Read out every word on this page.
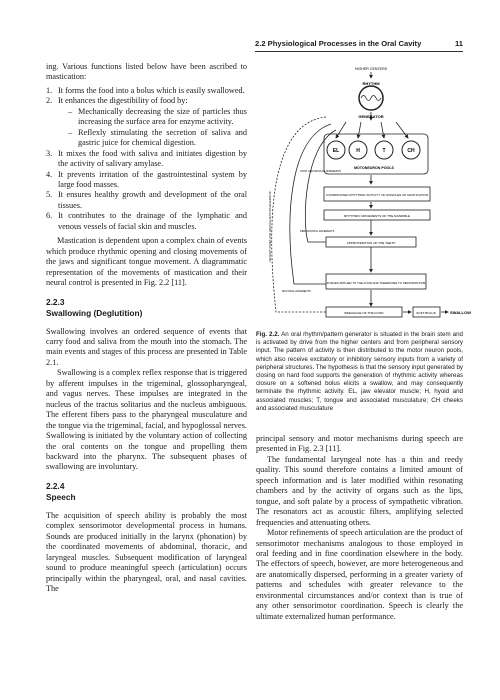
2.2 Physiological Processes in the Oral Cavity	11

ing. Various functions listed below have been ascribed to mastication:

1. It forms the food into a bolus which is easily swallowed.
2. It enhances the digestibility of food by:
– Mechanically decreasing the size of particles thus increasing the surface area for enzyme activity.
– Reflexly stimulating the secretion of saliva and gastric juice for chemical digestion.
3. It mixes the food with saliva and initiates digestion by the activity of salivary amylase.
4. It prevents irritation of the gastrointestinal system by large food masses.
5. It ensures healthy growth and development of the oral tissues.
6. It contributes to the drainage of the lymphatic and venous vessels of facial skin and muscles.

Mastication is dependent upon a complex chain of events which produce rhythmic opening and closing movements of the jaws and significant tongue movement. A diagrammatic representation of the movements of mastication and their neural control is presented in Fig. 2.2 [11].

2.2.3
Swallowing (Deglutition)

Swallowing involves an ordered sequence of events that carry food and saliva from the mouth into the stomach. The main events and stages of this process are presented in Table 2.1.

Swallowing is a complex reflex response that is triggered by afferent impulses in the trigeminal, glossopharyngeal, and vagus nerves. These impulses are integrated in the nucleus of the tractus solitarius and the nucleus ambiguous. The efferent fibers pass to the pharyngeal musculature and the tongue via the trigeminal, facial, and hypoglossal nerves. Swallowing is initiated by the voluntary action of collecting the oral contents on the tongue and propelling them backward into the pharynx. The subsequent phases of swallowing are involuntary.

2.2.4
Speech

The acquisition of speech ability is probably the most complex sensorimotor developmental process in humans. Sounds are produced initially in the larynx (phonation) by the coordinated movements of abdominal, thoracic, and laryngeal muscles. Subsequent modification of laryngeal sound to produce meaningful speech (articulation) occurs principally within the pharyngeal, oral, and nasal cavities. The

HIGHER CENTERS
RHYTHM
GENERATOR
EL	H	T	CH
MOTONEURON POOLS
COORDINATED RHYTHMIC ACTIVITY OF MUSCLES OF MASTICATION
RHYTHMIC MOVEMENTS OF THE MANDIBLE
APPROXIMATION OF THE TEETH
FORCES APPLIED TO THE FOOD AND THEREFORE TO PERIODONTIUM
BREAKAGE OF THE FOOD	SOFT BOLUS	SWALLOW
SENSORY STIMULI INFLUENCING RHYTHM GENERATOR
JOINT AND MUSCLE AFFERENTS
PERIODONTAL AFFERENTS
MUCOSAL AFFERENTS
Fig. 2.2. An oral rhythm/pattern generator is situated in the brain stem and is activated by drive from the higher centers and from peripheral sensory input. The pattern of activity is then distributed to the motor neuron pools, which also receive excitatory or inhibitory sensory inputs from a variety of peripheral structures. The hypothesis is that the sensory input generated by closing on hard food supports the generation of rhythmic activity whereas closure on a softened bolus elicits a swallow, and may consequently terminate the rhythmic activity. EL, jaw elevator muscle; H, hyoid and associated muscles; T, tongue and associated musculature; CH cheeks and associated musculature

principal sensory and motor mechanisms during speech are presented in Fig. 2.3 [11].

The fundamental laryngeal note has a thin and reedy quality. This sound therefore contains a limited amount of speech information and is later modified within resonating chambers and by the activity of organs such as the lips, tongue, and soft palate by a process of sympathetic vibration. The resonators act as acoustic filters, amplifying selected frequencies and attenuating others.

Motor refinements of speech articulation are the product of sensorimotor mechanisms analogous to those employed in oral feeding and in fine coordination elsewhere in the body. The effectors of speech, however, are more heterogeneous and are anatomically dispersed, performing in a greater variety of patterns and schedules with greater relevance to the environmental circumstances and/or context than is true of any other sensorimotor coordination. Speech is clearly the ultimate externalized human performance.
